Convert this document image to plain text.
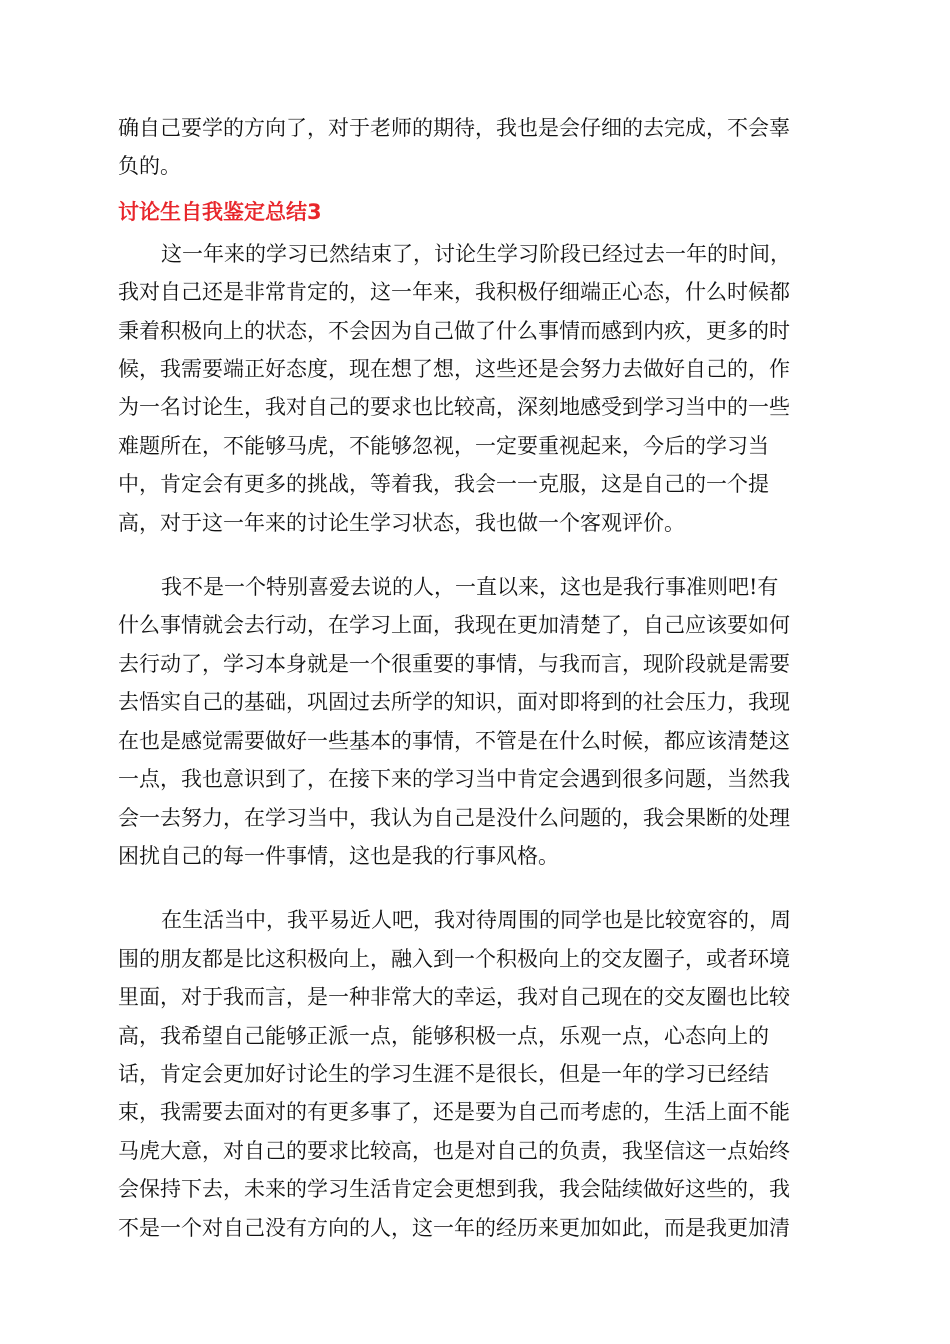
确自己要学的方向了，对于老师的期待，我也是会仔细的去完成，不会辜

负的。

讨论生自我鉴定总结3

这一年来的学习已然结束了，讨论生学习阶段已经过去一年的时间，

我对自己还是非常肯定的，这一年来，我积极仔细端正心态，什么时候都

秉着积极向上的状态，不会因为自己做了什么事情而感到内疚，更多的时

候，我需要端正好态度，现在想了想，这些还是会努力去做好自己的，作

为一名讨论生，我对自己的要求也比较高，深刻地感受到学习当中的一些

难题所在，不能够马虎，不能够忽视，一定要重视起来，今后的学习当

中，肯定会有更多的挑战，等着我，我会一一克服，这是自己的一个提

高，对于这一年来的讨论生学习状态，我也做一个客观评价。

我不是一个特别喜爱去说的人，一直以来，这也是我行事准则吧!有

什么事情就会去行动，在学习上面，我现在更加清楚了，自己应该要如何

去行动了，学习本身就是一个很重要的事情，与我而言，现阶段就是需要

去悟实自己的基础，巩固过去所学的知识，面对即将到的社会压力，我现

在也是感觉需要做好一些基本的事情，不管是在什么时候，都应该清楚这

一点，我也意识到了，在接下来的学习当中肯定会遇到很多问题，当然我

会一去努力，在学习当中，我认为自己是没什么问题的，我会果断的处理

困扰自己的每一件事情，这也是我的行事风格。

在生活当中，我平易近人吧，我对待周围的同学也是比较宽容的，周

围的朋友都是比这积极向上，融入到一个积极向上的交友圈子，或者环境

里面，对于我而言，是一种非常大的幸运，我对自己现在的交友圈也比较

高，我希望自己能够正派一点，能够积极一点，乐观一点，心态向上的

话，肯定会更加好讨论生的学习生涯不是很长，但是一年的学习已经结

束，我需要去面对的有更多事了，还是要为自己而考虑的，生活上面不能

马虎大意，对自己的要求比较高，也是对自己的负责，我坚信这一点始终

会保持下去，未来的学习生活肯定会更想到我，我会陆续做好这些的，我

不是一个对自己没有方向的人，这一年的经历来更加如此，而是我更加清
